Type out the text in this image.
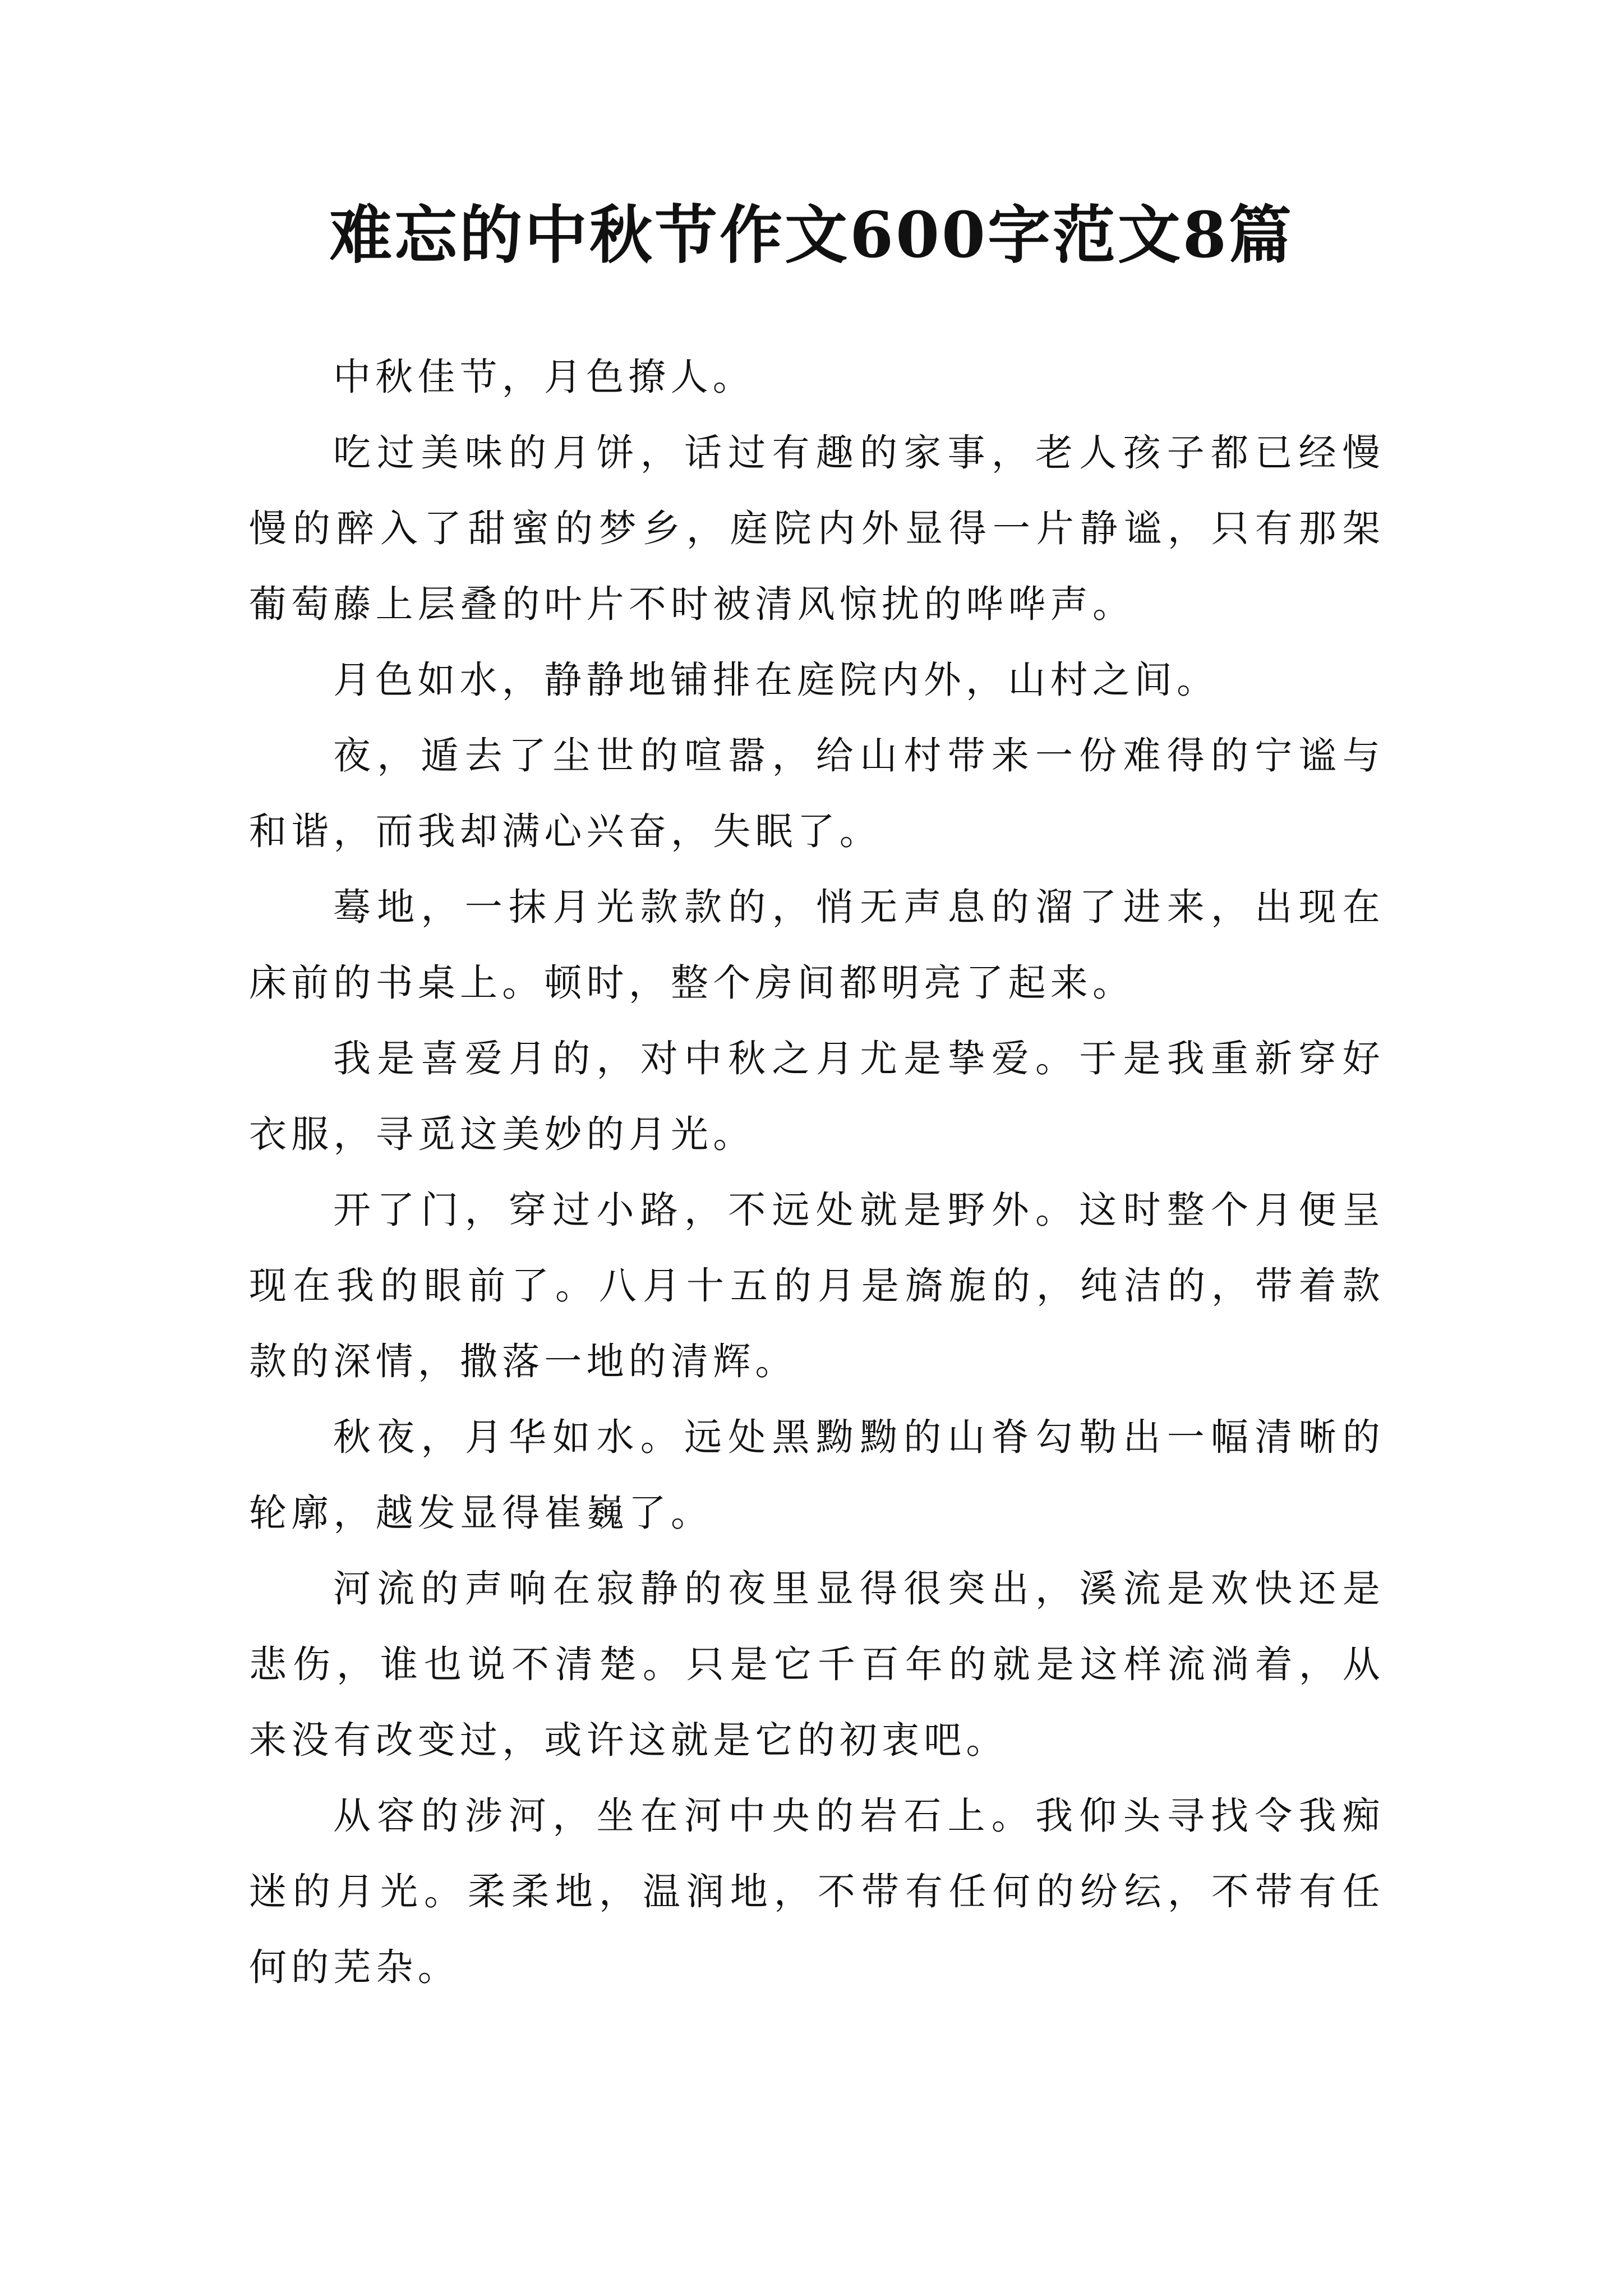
难忘的中秋节作文600字范文8篇

中秋佳节，月色撩人。

吃过美味的月饼，话过有趣的家事，老人孩子都已经慢慢的醉入了甜蜜的梦乡，庭院内外显得一片静谧，只有那架葡萄藤上层叠的叶片不时被清风惊扰的哗哗声。

月色如水，静静地铺排在庭院内外，山村之间。

夜，遁去了尘世的喧嚣，给山村带来一份难得的宁谧与和谐，而我却满心兴奋，失眠了。

蓦地，一抹月光款款的，悄无声息的溜了进来，出现在床前的书桌上。顿时，整个房间都明亮了起来。

我是喜爱月的，对中秋之月尤是挚爱。于是我重新穿好衣服，寻觅这美妙的月光。

开了门，穿过小路，不远处就是野外。这时整个月便呈现在我的眼前了。八月十五的月是旖旎的，纯洁的，带着款款的深情，撒落一地的清辉。

秋夜，月华如水。远处黑黝黝的山脊勾勒出一幅清晰的轮廓，越发显得崔巍了。

河流的声响在寂静的夜里显得很突出，溪流是欢快还是悲伤，谁也说不清楚。只是它千百年的就是这样流淌着，从来没有改变过，或许这就是它的初衷吧。

从容的涉河，坐在河中央的岩石上。我仰头寻找令我痴迷的月光。柔柔地，温润地，不带有任何的纷纭，不带有任何的芜杂。
